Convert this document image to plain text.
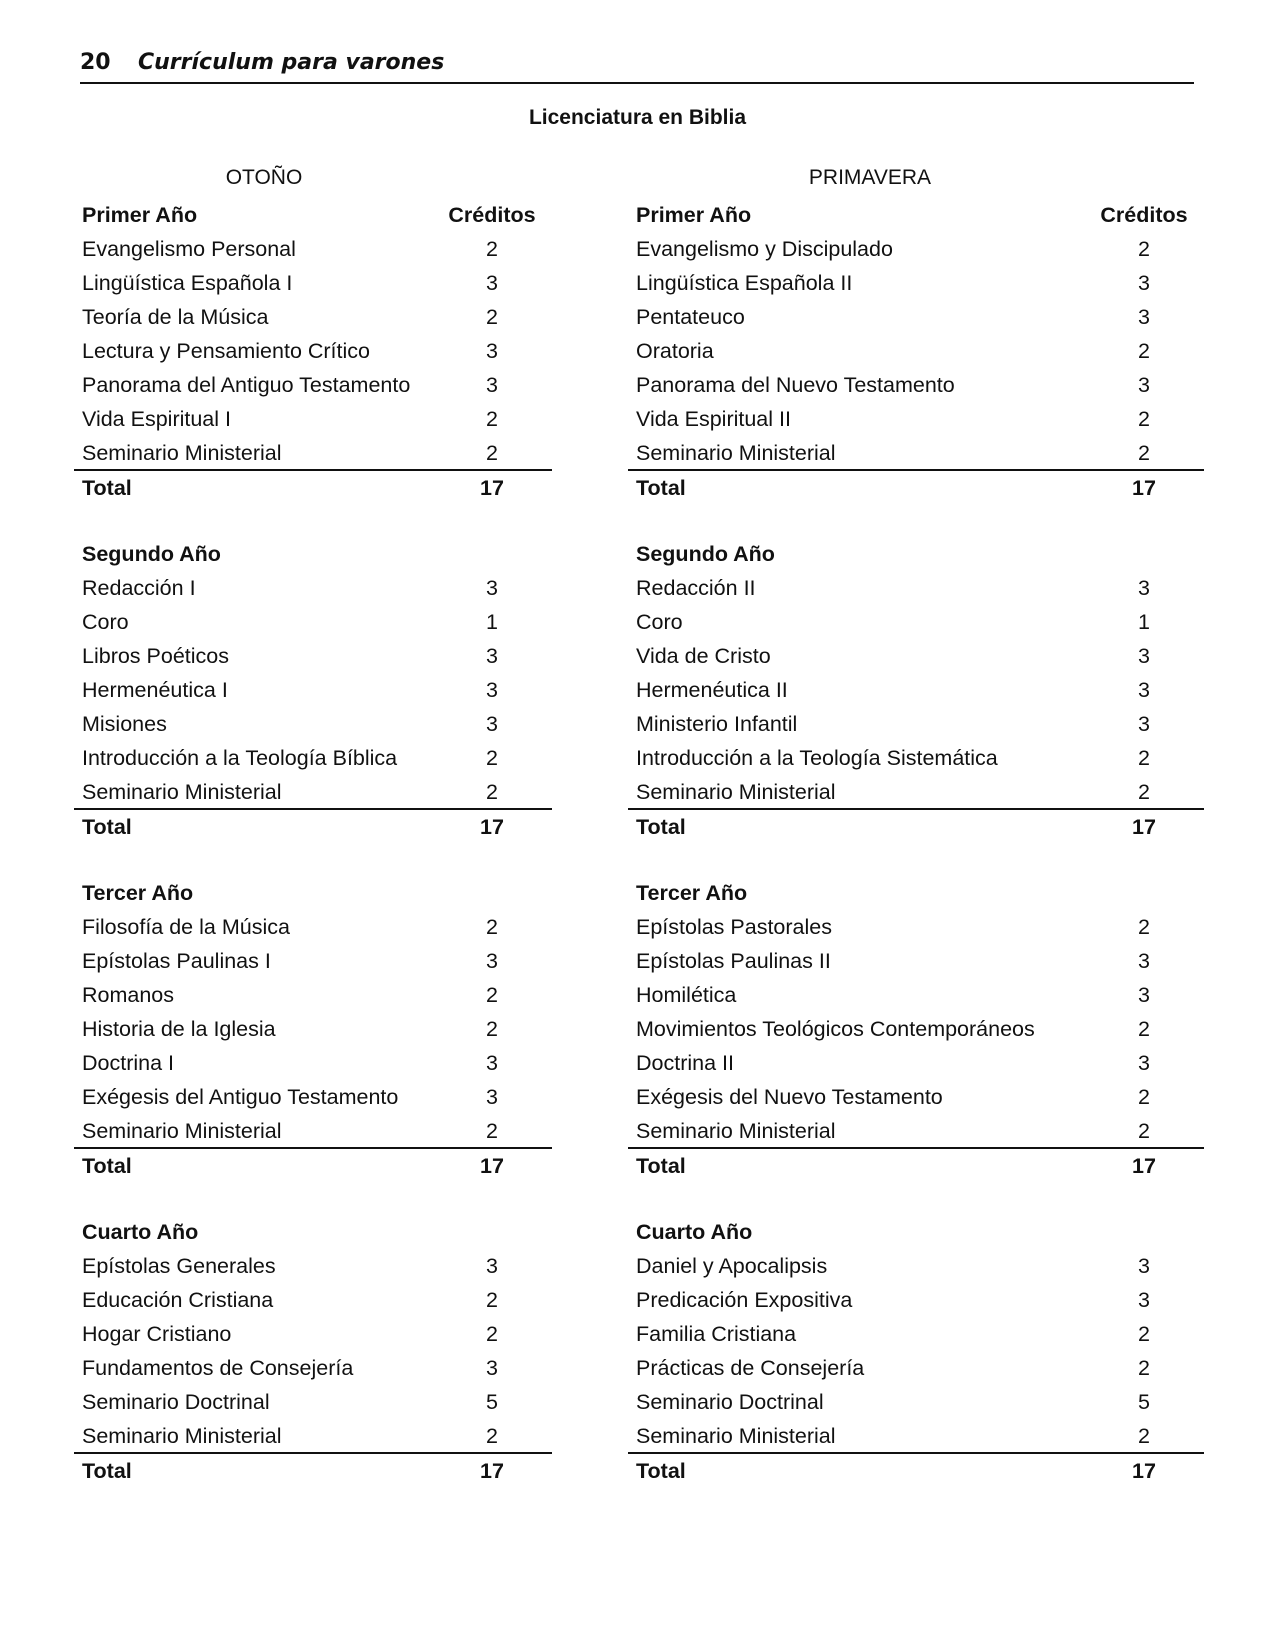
20 Currículum para varones
Licenciatura en Biblia
OTOÑO
Primer Año	Créditos
Evangelismo Personal	2
Lingüística Española I	3
Teoría de la Música	2
Lectura y Pensamiento Crítico	3
Panorama del Antiguo Testamento	3
Vida Espiritual I	2
Seminario Ministerial	2
Total	17
Segundo Año
Redacción I	3
Coro	1
Libros Poéticos	3
Hermenéutica I	3
Misiones	3
Introducción a la Teología Bíblica	2
Seminario Ministerial	2
Total	17
Tercer Año
Filosofía de la Música	2
Epístolas Paulinas I	3
Romanos	2
Historia de la Iglesia	2
Doctrina I	3
Exégesis del Antiguo Testamento	3
Seminario Ministerial	2
Total	17
Cuarto Año
Epístolas Generales	3
Educación Cristiana	2
Hogar Cristiano	2
Fundamentos de Consejería	3
Seminario Doctrinal	5
Seminario Ministerial	2
Total	17
PRIMAVERA
Primer Año	Créditos
Evangelismo y Discipulado	2
Lingüística Española II	3
Pentateuco	3
Oratoria	2
Panorama del Nuevo Testamento	3
Vida Espiritual II	2
Seminario Ministerial	2
Total	17
Segundo Año
Redacción II	3
Coro	1
Vida de Cristo	3
Hermenéutica II	3
Ministerio Infantil	3
Introducción a la Teología Sistemática	2
Seminario Ministerial	2
Total	17
Tercer Año
Epístolas Pastorales	2
Epístolas Paulinas II	3
Homilética	3
Movimientos Teológicos Contemporáneos	2
Doctrina II	3
Exégesis del Nuevo Testamento	2
Seminario Ministerial	2
Total	17
Cuarto Año
Daniel y Apocalipsis	3
Predicación Expositiva	3
Familia Cristiana	2
Prácticas de Consejería	2
Seminario Doctrinal	5
Seminario Ministerial	2
Total	17
